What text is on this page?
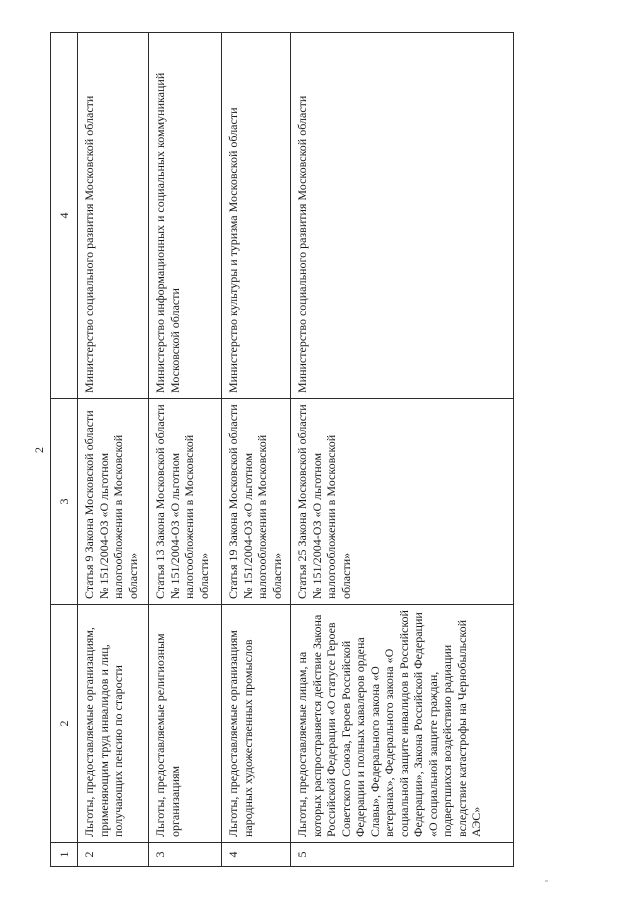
2
1	2	3	4
2	Льготы, предоставляемые организациям, применяющим труд инвалидов и лиц, получающих пенсию по старости	Статья 9 Закона Московской области № 151/2004-ОЗ «О льготном налогообложении в Московской области»	Министерство социального развития Московской области
3	Льготы, предоставляемые религиозным организациям	Статья 13 Закона Московской области № 151/2004-ОЗ «О льготном налогообложении в Московской области»	Министерство информационных и социальных коммуникаций Московской области
4	Льготы, предоставляемые организациям народных художественных промыслов	Статья 19 Закона Московской области № 151/2004-ОЗ «О льготном налогообложении в Московской области»	Министерство культуры и туризма Московской области
5	Льготы, предоставляемые лицам, на которых распространяется действие Закона Российской Федерации «О статусе Героев Советского Союза, Героев Российской Федерации и полных кавалеров ордена Славы», Федерального закона «О ветеранах», Федерального закона «О социальной защите инвалидов в Российской Федерации», Закона Российской Федерации «О социальной защите граждан, подвергшихся воздействию радиации вследствие катастрофы на Чернобыльской АЭС»	Статья 25 Закона Московской области № 151/2004-ОЗ «О льготном налогообложении в Московской области»	Министерство социального развития Московской области
